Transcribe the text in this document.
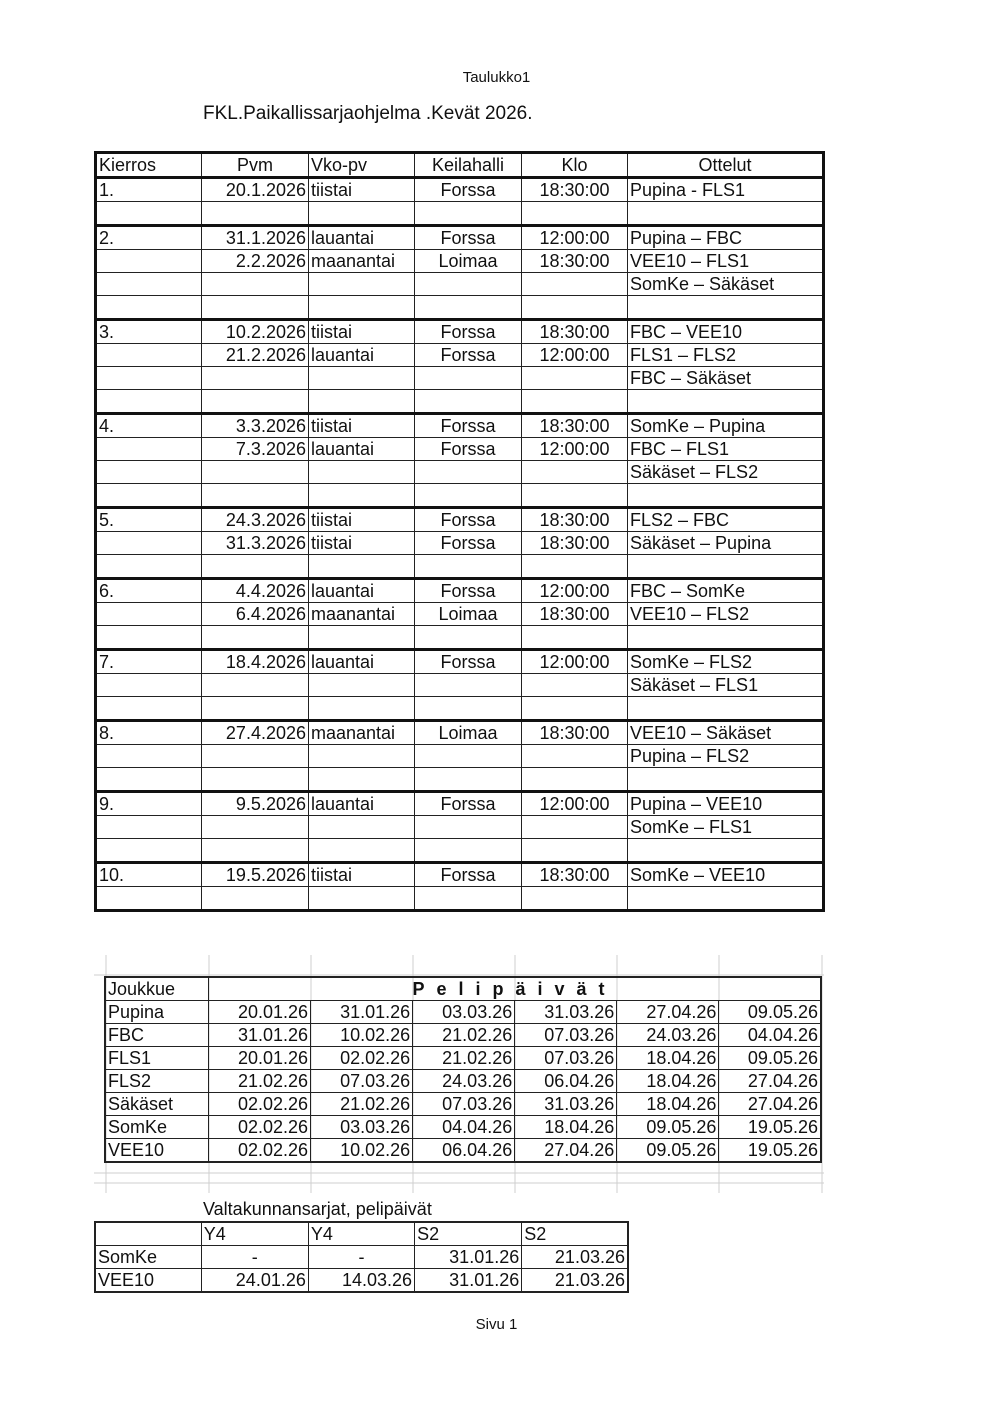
Taulukko1
FKL.Paikallissarjaohjelma .Kevät 2026.
Kierros	Pvm	Vko-pv	Keilahalli	Klo	Ottelut
1.	20.1.2026	tiistai	Forssa	18:30:00	Pupina - FLS1

2.	31.1.2026	lauantai	Forssa	12:00:00	Pupina – FBC
	2.2.2026	maanantai	Loimaa	18:30:00	VEE10 – FLS1
					SomKe – Säkäset

3.	10.2.2026	tiistai	Forssa	18:30:00	FBC – VEE10
	21.2.2026	lauantai	Forssa	12:00:00	FLS1 – FLS2
					FBC – Säkäset

4.	3.3.2026	tiistai	Forssa	18:30:00	SomKe – Pupina
	7.3.2026	lauantai	Forssa	12:00:00	FBC – FLS1
					Säkäset – FLS2

5.	24.3.2026	tiistai	Forssa	18:30:00	FLS2 – FBC
	31.3.2026	tiistai	Forssa	18:30:00	Säkäset – Pupina

6.	4.4.2026	lauantai	Forssa	12:00:00	FBC – SomKe
	6.4.2026	maanantai	Loimaa	18:30:00	VEE10 – FLS2

7.	18.4.2026	lauantai	Forssa	12:00:00	SomKe – FLS2
					Säkäset – FLS1

8.	27.4.2026	maanantai	Loimaa	18:30:00	VEE10 – Säkäset
					Pupina – FLS2

9.	9.5.2026	lauantai	Forssa	12:00:00	Pupina – VEE10
					SomKe – FLS1

10.	19.5.2026	tiistai	Forssa	18:30:00	SomKe – VEE10

Joukkue	Pelipäivät					
Pupina	20.01.26	31.01.26	03.03.26	31.03.26	27.04.26	09.05.26
FBC	31.01.26	10.02.26	21.02.26	07.03.26	24.03.26	04.04.26
FLS1	20.01.26	02.02.26	21.02.26	07.03.26	18.04.26	09.05.26
FLS2	21.02.26	07.03.26	24.03.26	06.04.26	18.04.26	27.04.26
Säkäset	02.02.26	21.02.26	07.03.26	31.03.26	18.04.26	27.04.26
SomKe	02.02.26	03.03.26	04.04.26	18.04.26	09.05.26	19.05.26
VEE10	02.02.26	10.02.26	06.04.26	27.04.26	09.05.26	19.05.26
Valtakunnansarjat, pelipäivät
	Y4	Y4	S2	S2
SomKe	-	-	31.01.26	21.03.26
VEE10	24.01.26	14.03.26	31.01.26	21.03.26
Sivu 1
